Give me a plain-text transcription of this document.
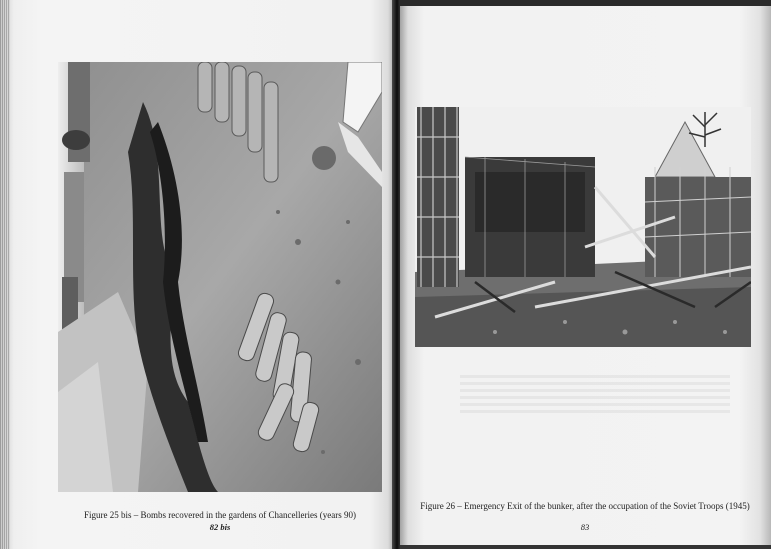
Figure 25 bis – Bombs recovered in the gardens of Chancelleries (years 90)
82 bis
Figure 26 – Emergency Exit of the bunker, after the occupation of the Soviet Troops (1945)
83
